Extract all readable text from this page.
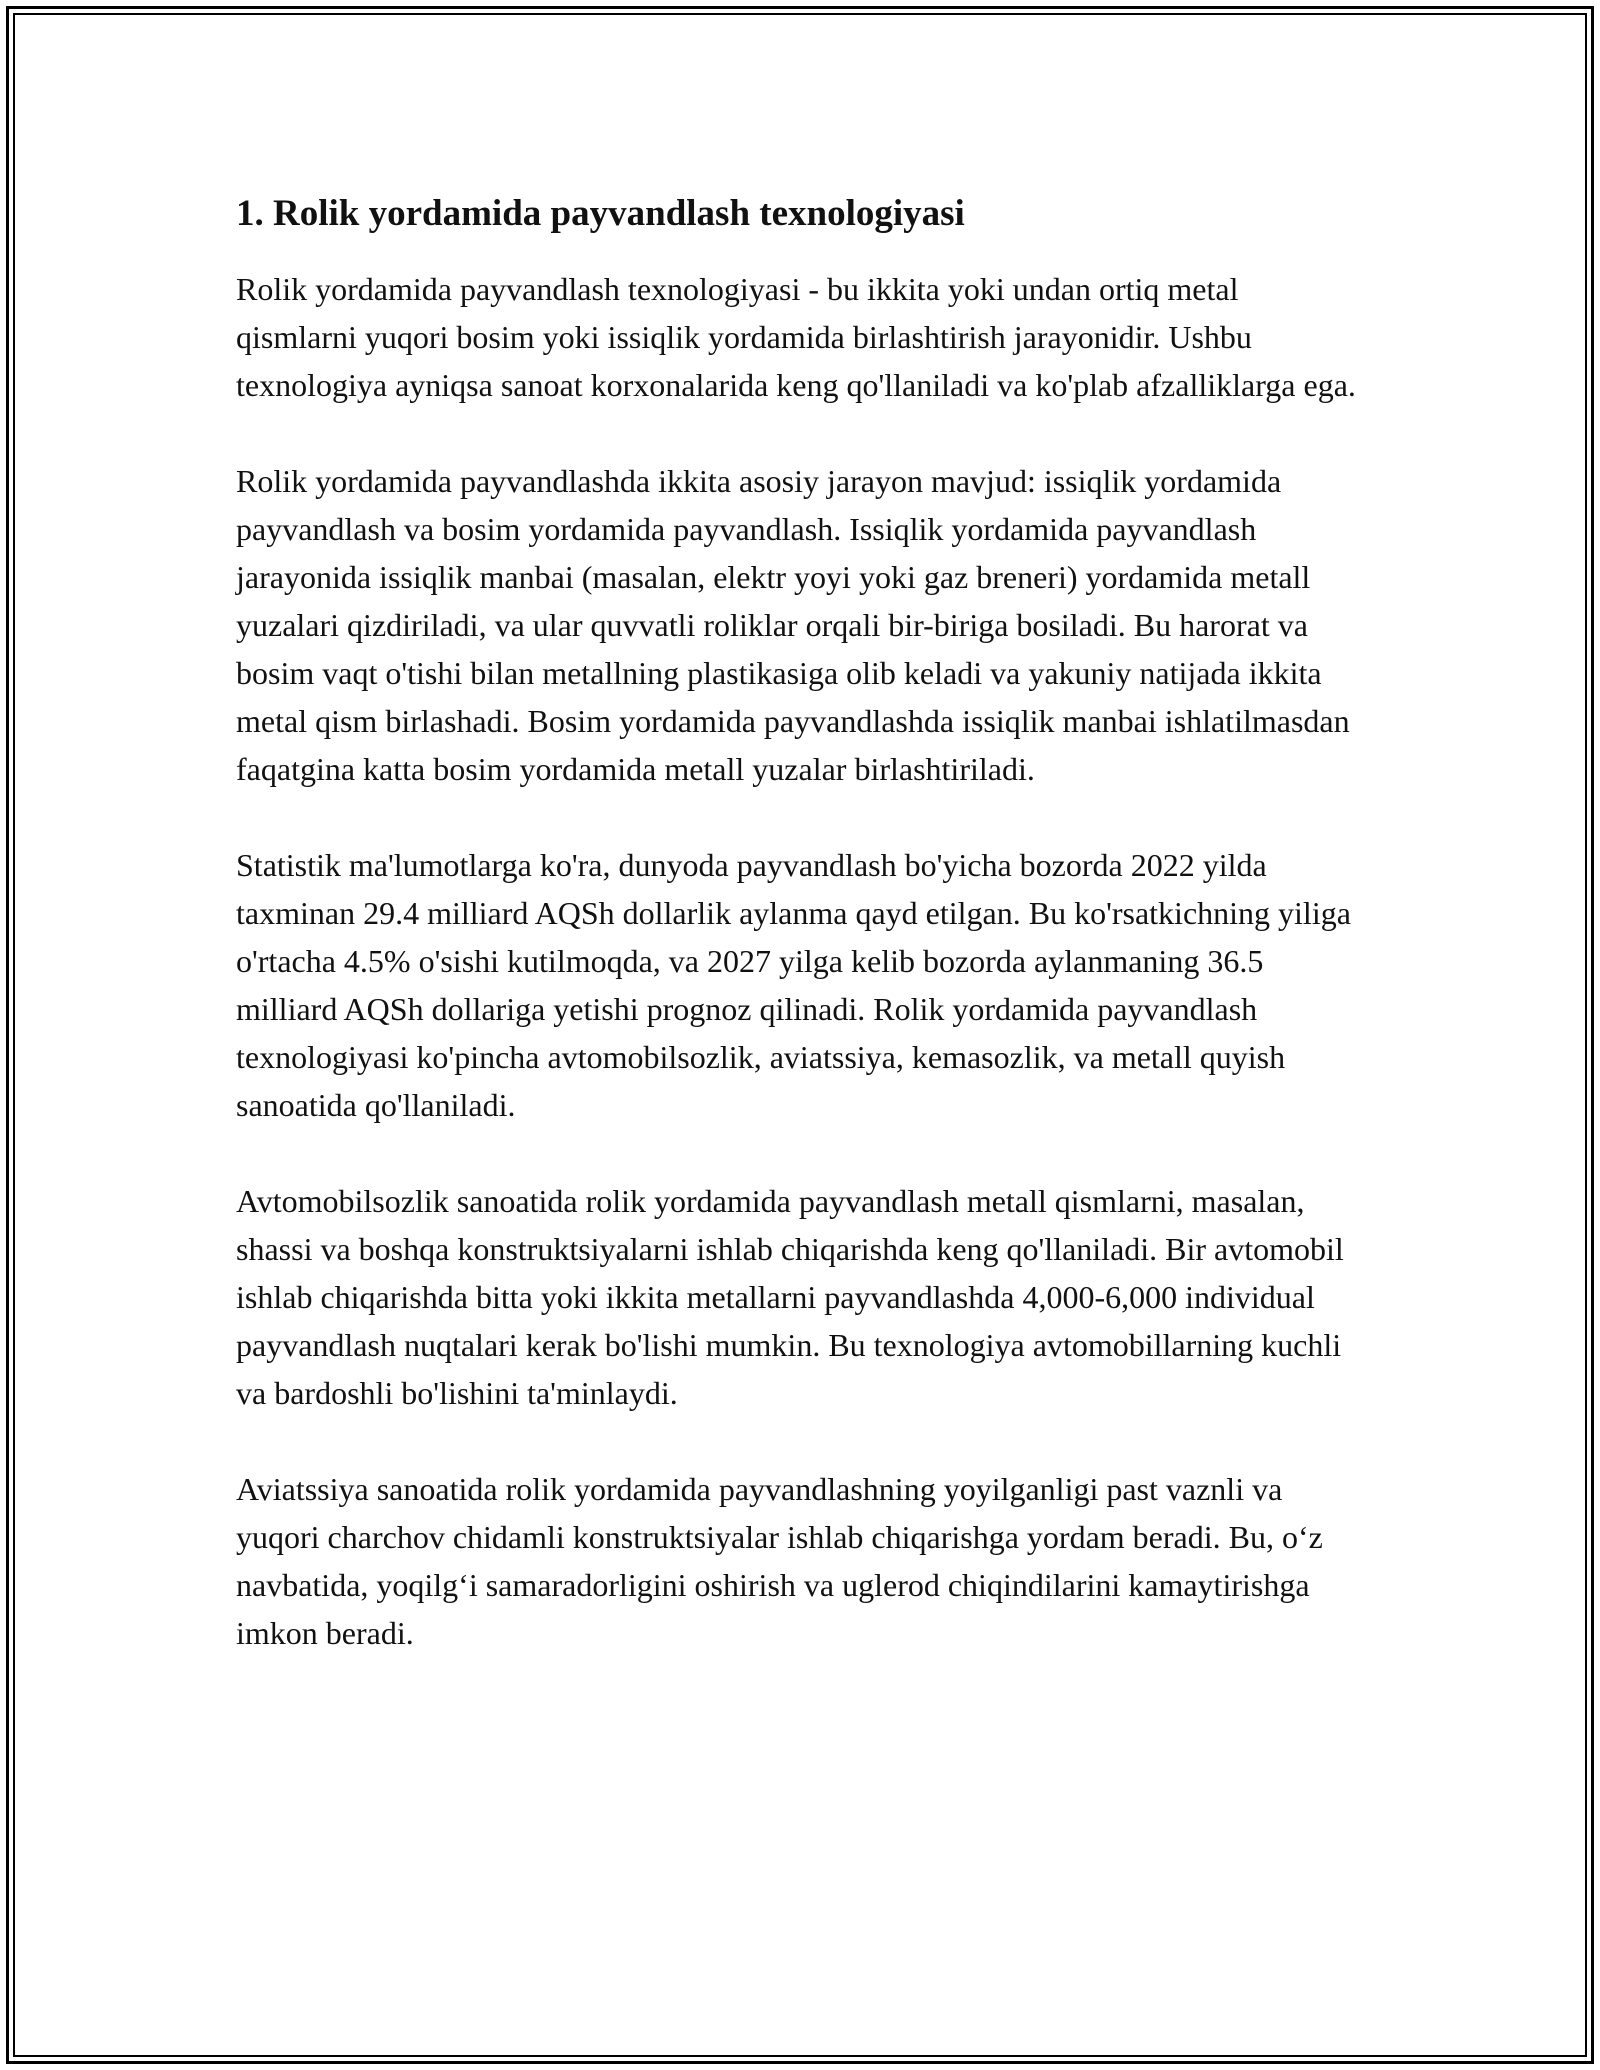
1. Rolik yordamida payvandlash texnologiyasi

Rolik yordamida payvandlash texnologiyasi - bu ikkita yoki undan ortiq metal qismlarni yuqori bosim yoki issiqlik yordamida birlashtirish jarayonidir. Ushbu texnologiya ayniqsa sanoat korxonalarida keng qo'llaniladi va ko'plab afzalliklarga ega.

Rolik yordamida payvandlashda ikkita asosiy jarayon mavjud: issiqlik yordamida payvandlash va bosim yordamida payvandlash. Issiqlik yordamida payvandlash jarayonida issiqlik manbai (masalan, elektr yoyi yoki gaz breneri) yordamida metall yuzalari qizdiriladi, va ular quvvatli roliklar orqali bir-biriga bosiladi. Bu harorat va bosim vaqt o'tishi bilan metallning plastikasiga olib keladi va yakuniy natijada ikkita metal qism birlashadi. Bosim yordamida payvandlashda issiqlik manbai ishlatilmasdan faqatgina katta bosim yordamida metall yuzalar birlashtiriladi.

Statistik ma'lumotlarga ko'ra, dunyoda payvandlash bo'yicha bozorda 2022 yilda taxminan 29.4 milliard AQSh dollarlik aylanma qayd etilgan. Bu ko'rsatkichning yiliga o'rtacha 4.5% o'sishi kutilmoqda, va 2027 yilga kelib bozorda aylanmaning 36.5 milliard AQSh dollariga yetishi prognoz qilinadi. Rolik yordamida payvandlash texnologiyasi ko'pincha avtomobilsozlik, aviatssiya, kemasozlik, va metall quyish sanoatida qo'llaniladi.

Avtomobilsozlik sanoatida rolik yordamida payvandlash metall qismlarni, masalan, shassi va boshqa konstruktsiyalarni ishlab chiqarishda keng qo'llaniladi. Bir avtomobil ishlab chiqarishda bitta yoki ikkita metallarni payvandlashda 4,000-6,000 individual payvandlash nuqtalari kerak bo'lishi mumkin. Bu texnologiya avtomobillarning kuchli va bardoshli bo'lishini ta'minlaydi.

Aviatssiya sanoatida rolik yordamida payvandlashning yoyilganligi past vaznli va yuqori charchov chidamli konstruktsiyalar ishlab chiqarishga yordam beradi. Bu, o‘z navbatida, yoqilg‘i samaradorligini oshirish va uglerod chiqindilarini kamaytirishga imkon beradi.
